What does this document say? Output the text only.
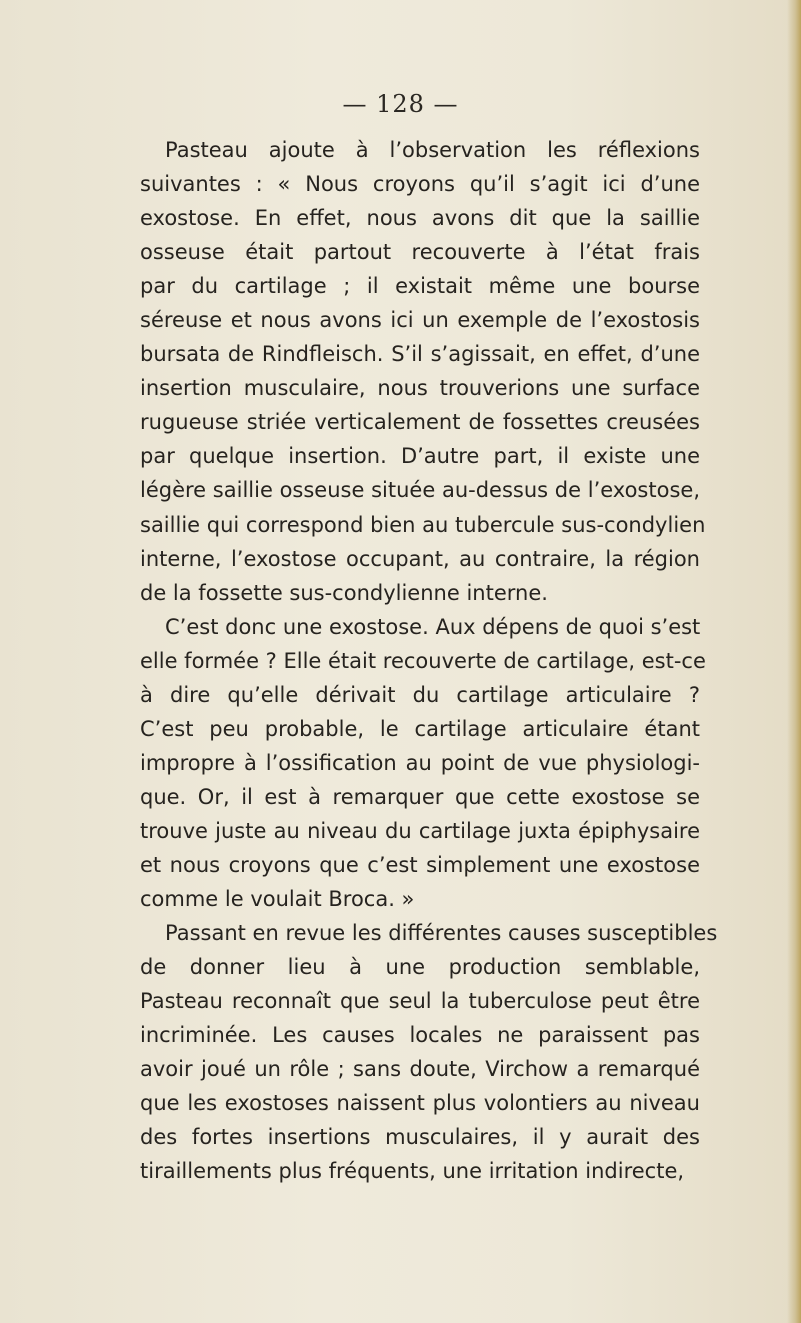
— 128 —
Pasteau ajoute à l’observation les réflexions
suivantes : « Nous croyons qu’il s’agit ici d’une
exostose. En effet, nous avons dit que la saillie
osseuse était partout recouverte à l’état frais
par du cartilage ; il existait même une bourse
séreuse et nous avons ici un exemple de l’exostosis
bursata de Rindfleisch. S’il s’agissait, en effet, d’une
insertion musculaire, nous trouverions une surface
rugueuse striée verticalement de fossettes creusées
par quelque insertion. D’autre part, il existe une
légère saillie osseuse située au-dessus de l’exostose,
saillie qui correspond bien au tubercule sus-condylien
interne, l’exostose occupant, au contraire, la région
de la fossette sus-condylienne interne.
C’est donc une exostose. Aux dépens de quoi s’est
elle formée ? Elle était recouverte de cartilage, est-ce
à dire qu’elle dérivait du cartilage articulaire ?
C’est peu probable, le cartilage articulaire étant
impropre à l’ossification au point de vue physiologi-
que. Or, il est à remarquer que cette exostose se
trouve juste au niveau du cartilage juxta épiphysaire
et nous croyons que c’est simplement une exostose
comme le voulait Broca. »
Passant en revue les différentes causes susceptibles
de donner lieu à une production semblable,
Pasteau reconnaît que seul la tuberculose peut être
incriminée. Les causes locales ne paraissent pas
avoir joué un rôle ; sans doute, Virchow a remarqué
que les exostoses naissent plus volontiers au niveau
des fortes insertions musculaires, il y aurait des
tiraillements plus fréquents, une irritation indirecte,
